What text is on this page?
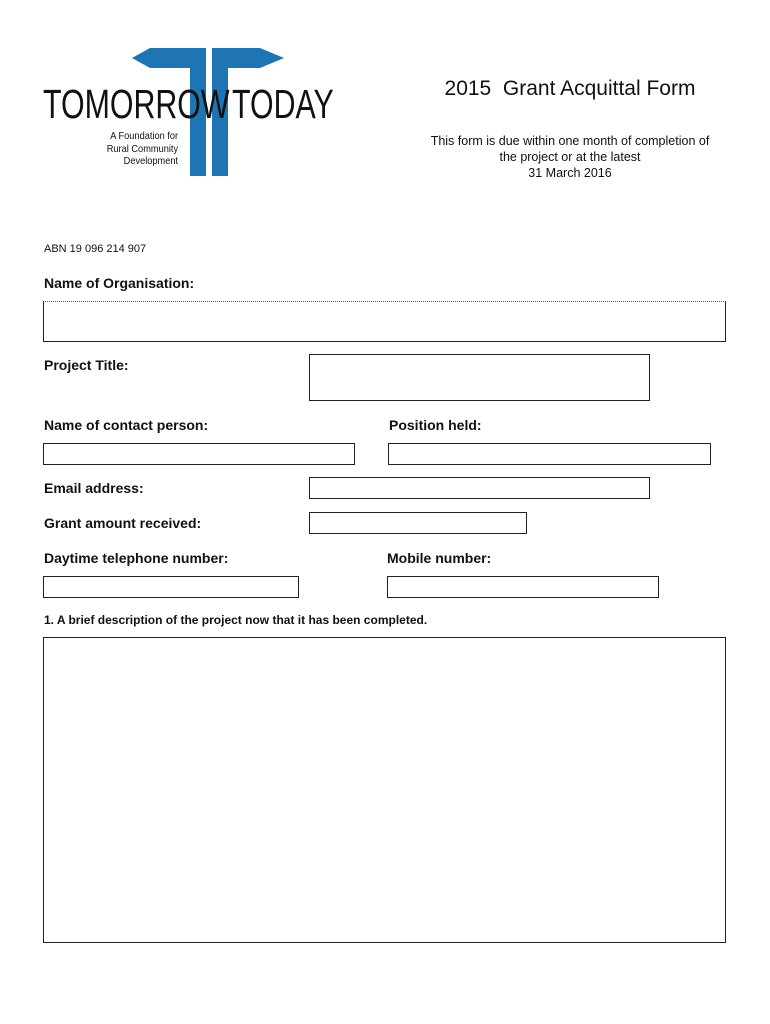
TOMORROW TODAY
A Foundation for
Rural Community
Development
2015  Grant Acquittal Form
This form is due within one month of completion of
the project or at the latest
31 March 2016
ABN 19 096 214 907
Name of Organisation:
Project Title:
Name of contact person:	Position held:
Email address:
Grant amount received:
Daytime telephone number:	Mobile number:
1. A brief description of the project now that it has been completed.
